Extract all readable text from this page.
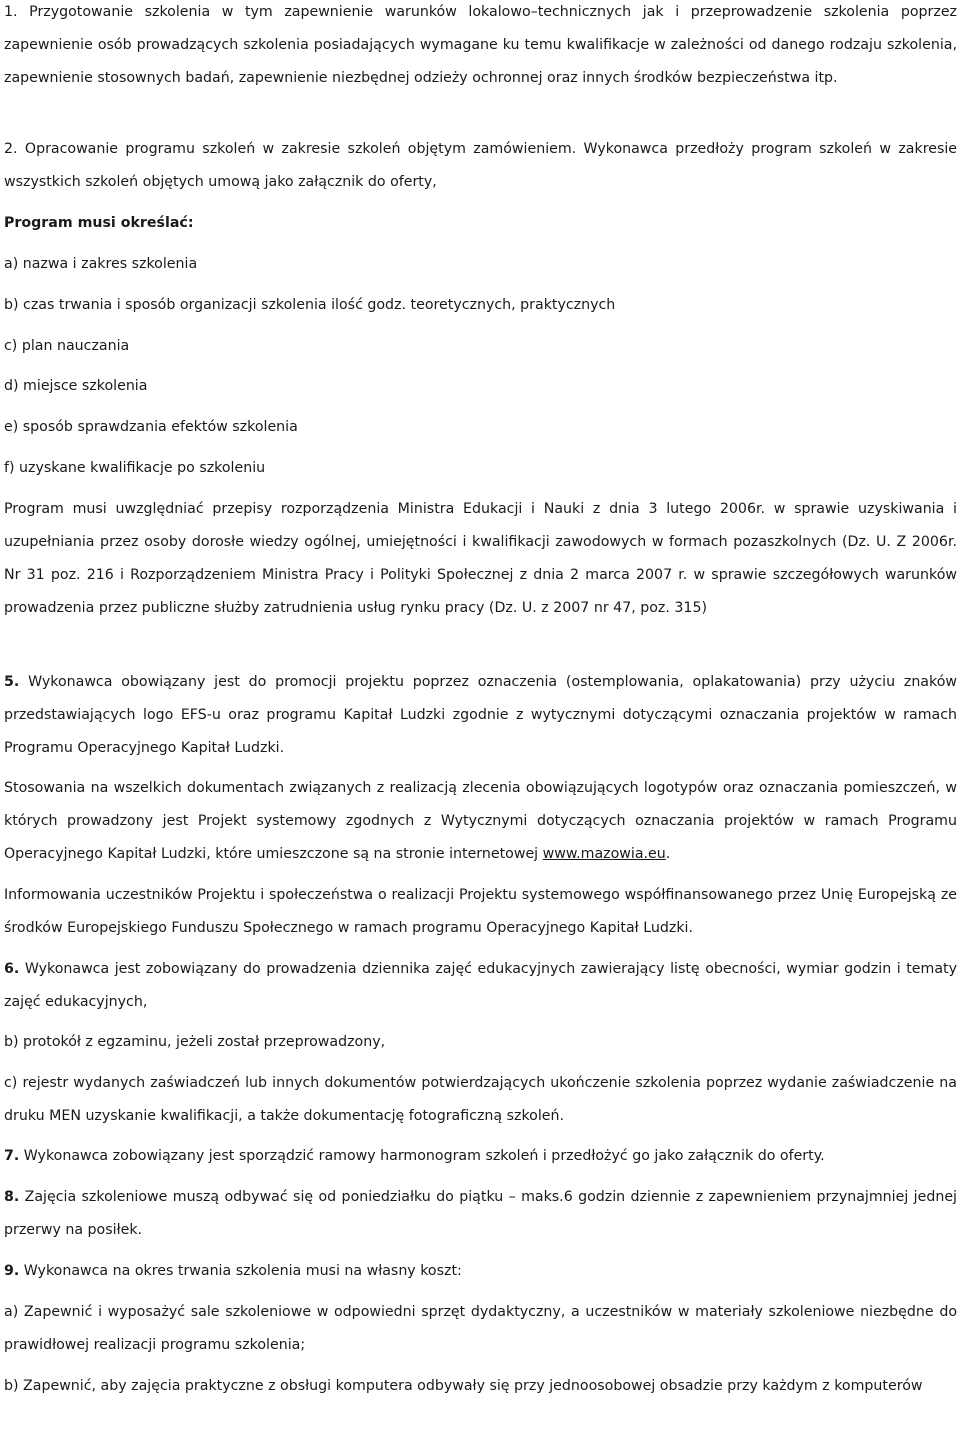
1. Przygotowanie szkolenia w tym zapewnienie warunków lokalowo–technicznych jak i przeprowadzenie szkolenia poprzez zapewnienie osób prowadzących szkolenia posiadających wymagane ku temu kwalifikacje w zależności od danego rodzaju szkolenia, zapewnienie stosownych badań, zapewnienie niezbędnej odzieży ochronnej oraz innych środków bezpieczeństwa itp.

2. Opracowanie programu szkoleń w zakresie szkoleń objętym zamówieniem. Wykonawca przedłoży program szkoleń w zakresie wszystkich szkoleń objętych umową jako załącznik do oferty,

Program musi określać:

a) nazwa i zakres szkolenia

b) czas trwania i sposób organizacji szkolenia ilość godz. teoretycznych, praktycznych

c) plan nauczania

d) miejsce szkolenia

e) sposób sprawdzania efektów szkolenia

f) uzyskane kwalifikacje po szkoleniu

Program musi uwzględniać przepisy rozporządzenia Ministra Edukacji i Nauki z dnia 3 lutego 2006r. w sprawie uzyskiwania i uzupełniania przez osoby dorosłe wiedzy ogólnej, umiejętności i kwalifikacji zawodowych w formach pozaszkolnych (Dz. U. Z 2006r. Nr 31 poz. 216 i Rozporządzeniem Ministra Pracy i Polityki Społecznej z dnia 2 marca 2007 r. w sprawie szczegółowych warunków prowadzenia przez publiczne służby zatrudnienia usług rynku pracy (Dz. U. z 2007 nr 47, poz. 315)

5. Wykonawca obowiązany jest do promocji projektu poprzez oznaczenia (ostemplowania, oplakatowania) przy użyciu znaków przedstawiających logo EFS-u oraz programu Kapitał Ludzki zgodnie z wytycznymi dotyczącymi oznaczania projektów w ramach Programu Operacyjnego Kapitał Ludzki.

Stosowania na wszelkich dokumentach związanych z realizacją zlecenia obowiązujących logotypów oraz oznaczania pomieszczeń, w których prowadzony jest Projekt systemowy zgodnych z Wytycznymi dotyczących oznaczania projektów w ramach Programu Operacyjnego Kapitał Ludzki, które umieszczone są na stronie internetowej www.mazowia.eu.

Informowania uczestników Projektu i społeczeństwa o realizacji Projektu systemowego współfinansowanego przez Unię Europejską ze środków Europejskiego Funduszu Społecznego w ramach programu Operacyjnego Kapitał Ludzki.

6. Wykonawca jest zobowiązany do prowadzenia dziennika zajęć edukacyjnych zawierający listę obecności, wymiar godzin i tematy zajęć edukacyjnych,

b) protokół z egzaminu, jeżeli został przeprowadzony,

c) rejestr wydanych zaświadczeń lub innych dokumentów potwierdzających ukończenie szkolenia poprzez wydanie zaświadczenie na druku MEN uzyskanie kwalifikacji, a także dokumentację fotograficzną szkoleń.

7. Wykonawca zobowiązany jest sporządzić ramowy harmonogram szkoleń i przedłożyć go jako załącznik do oferty.

8. Zajęcia szkoleniowe muszą odbywać się od poniedziałku do piątku – maks.6 godzin dziennie z zapewnieniem przynajmniej jednej przerwy na posiłek.

9. Wykonawca na okres trwania szkolenia musi na własny koszt:

a) Zapewnić i wyposażyć sale szkoleniowe w odpowiedni sprzęt dydaktyczny, a uczestników w materiały szkoleniowe niezbędne do prawidłowej realizacji programu szkolenia;

b) Zapewnić, aby zajęcia praktyczne z obsługi komputera odbywały się przy jednoosobowej obsadzie przy każdym z komputerów
